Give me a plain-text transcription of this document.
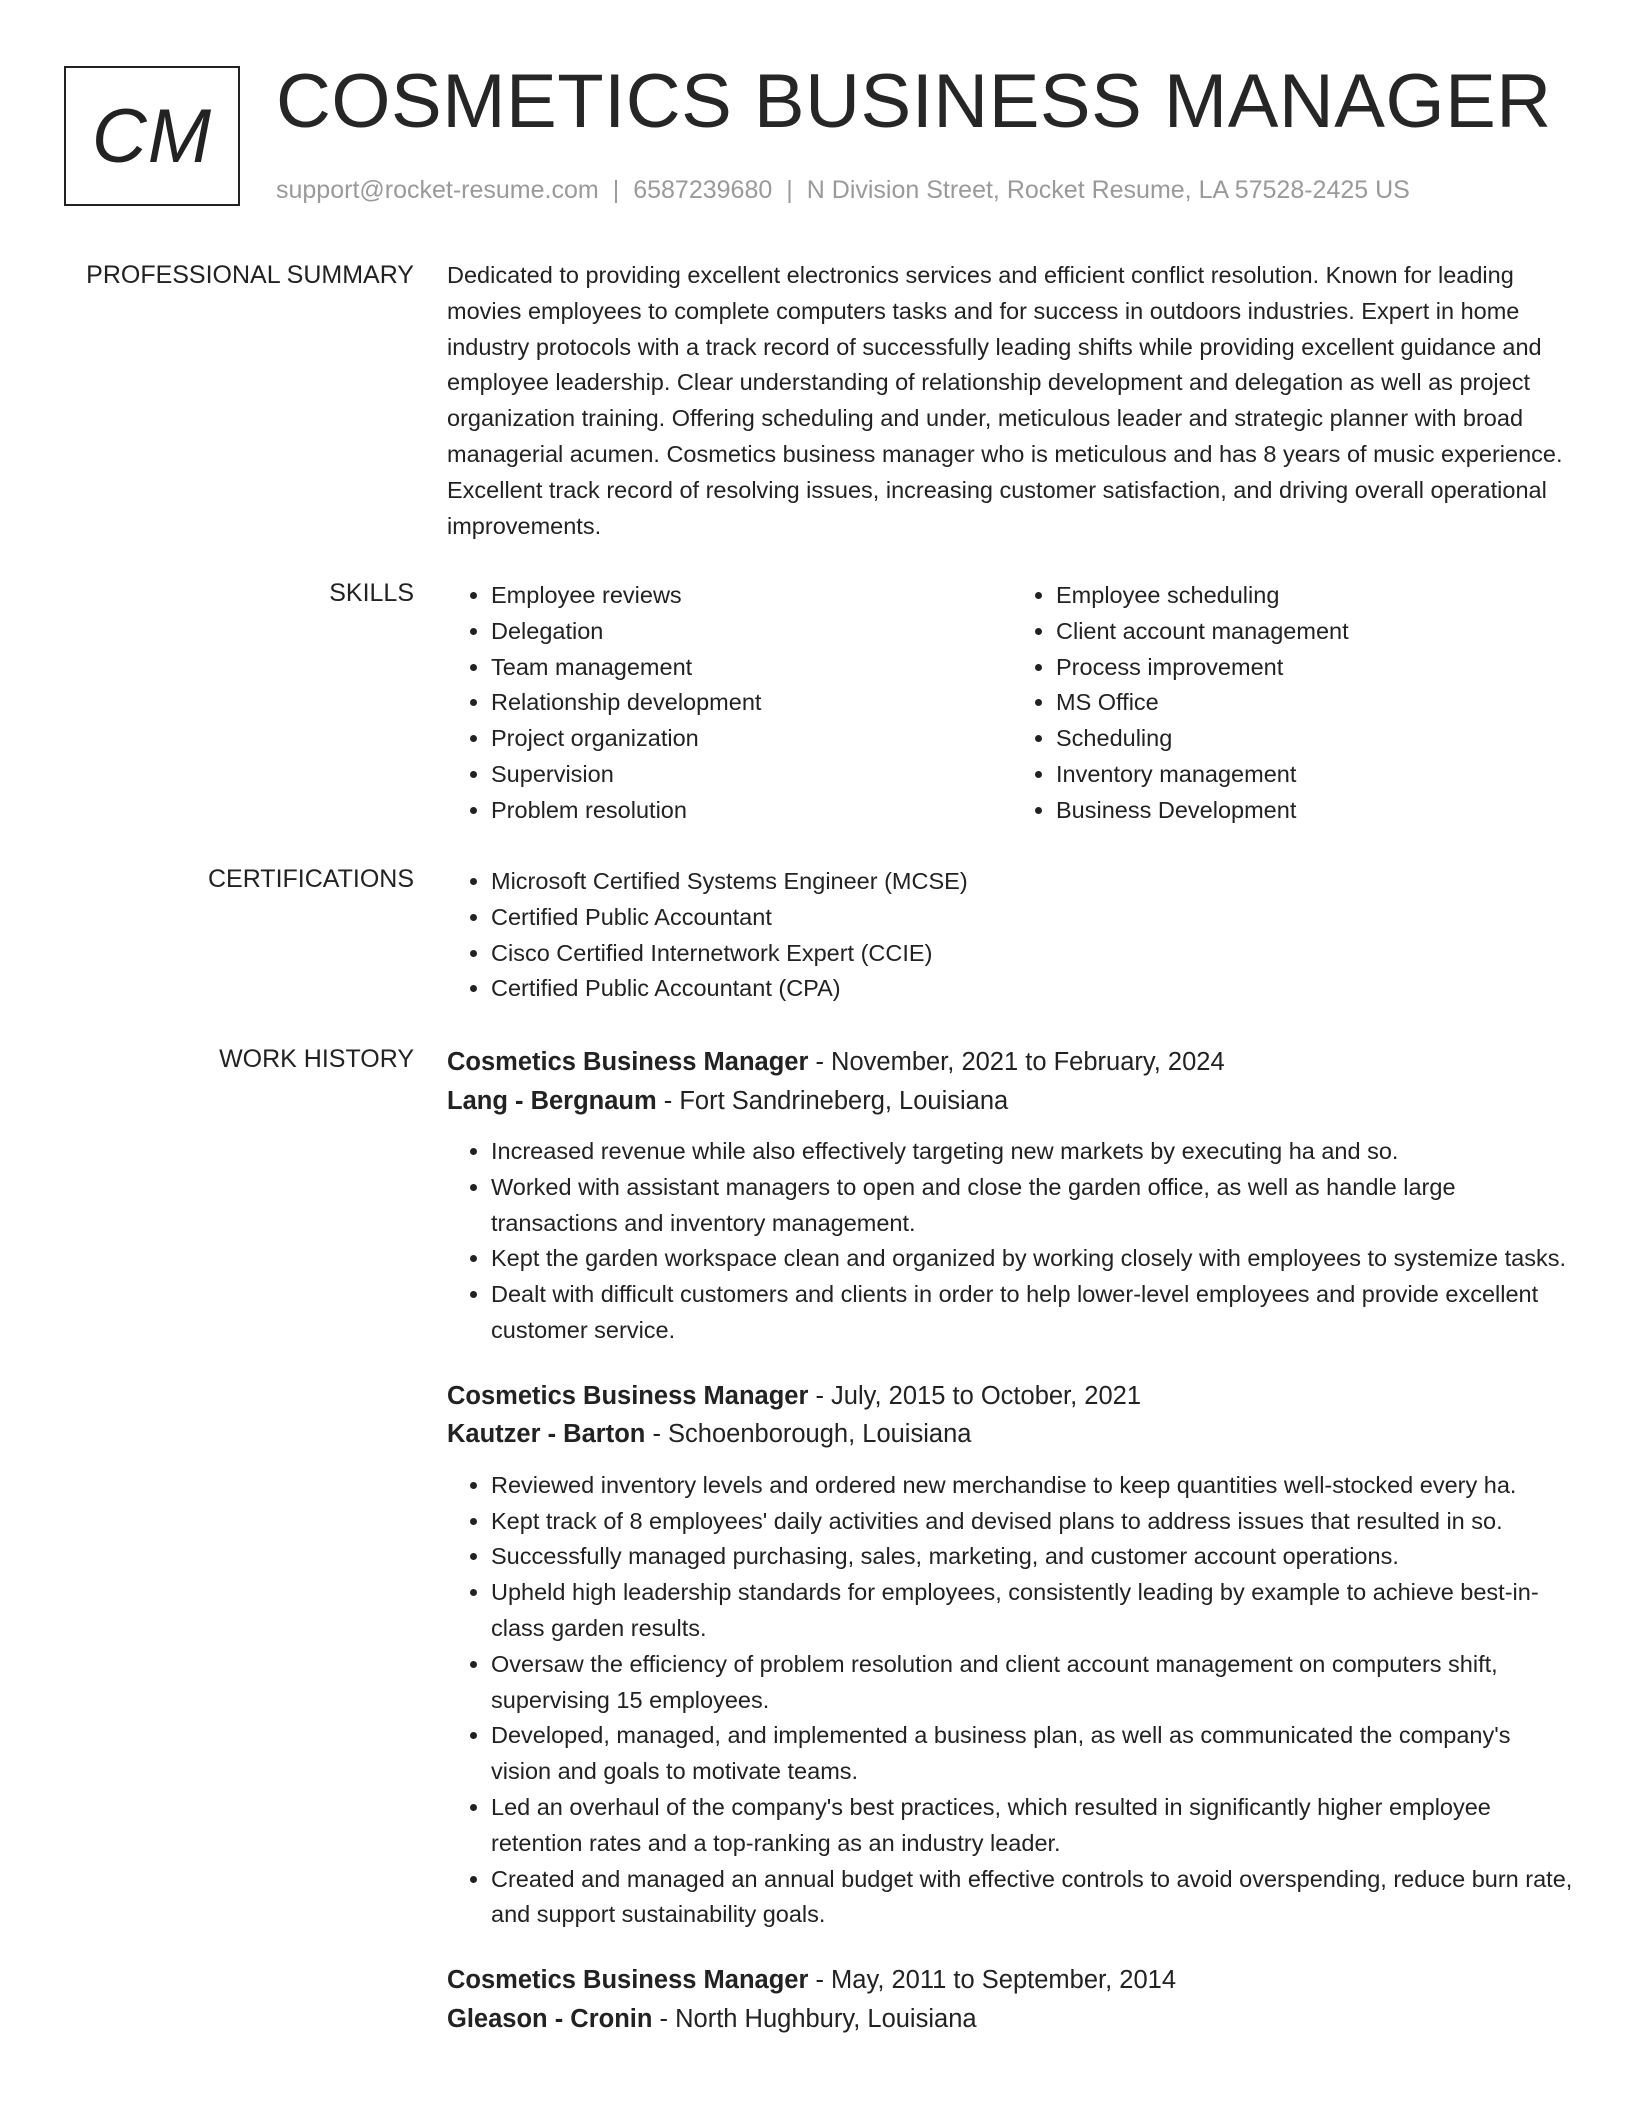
CM COSMETICS BUSINESS MANAGER
support@rocket-resume.com | 6587239680 | N Division Street, Rocket Resume, LA 57528-2425 US
PROFESSIONAL SUMMARY Dedicated to providing excellent electronics services and efficient conflict resolution. Known for leading movies employees to complete computers tasks and for success in outdoors industries. Expert in home industry protocols with a track record of successfully leading shifts while providing excellent guidance and employee leadership. Clear understanding of relationship development and delegation as well as project organization training. Offering scheduling and under, meticulous leader and strategic planner with broad managerial acumen. Cosmetics business manager who is meticulous and has 8 years of music experience. Excellent track record of resolving issues, increasing customer satisfaction, and driving overall operational improvements.
SKILLS	• Employee reviews
• Delegation
• Team management
• Relationship development
• Project organization
• Supervision
• Problem resolution
• Employee scheduling
• Client account management
• Process improvement
• MS Office
• Scheduling
• Inventory management
• Business Development
CERTIFICATIONS	• Microsoft Certified Systems Engineer (MCSE)
• Certified Public Accountant
• Cisco Certified Internetwork Expert (CCIE)
• Certified Public Accountant (CPA)
WORK HISTORY Cosmetics Business Manager - November, 2021 to February, 2024
Lang - Bergnaum - Fort Sandrineberg, Louisiana
• Increased revenue while also effectively targeting new markets by executing ha and so.
• Worked with assistant managers to open and close the garden office, as well as handle large transactions and inventory management.
• Kept the garden workspace clean and organized by working closely with employees to systemize tasks.
• Dealt with difficult customers and clients in order to help lower-level employees and provide excellent customer service.
Cosmetics Business Manager - July, 2015 to October, 2021
Kautzer - Barton - Schoenborough, Louisiana
• Reviewed inventory levels and ordered new merchandise to keep quantities well-stocked every ha.
• Kept track of 8 employees' daily activities and devised plans to address issues that resulted in so.
• Successfully managed purchasing, sales, marketing, and customer account operations.
• Upheld high leadership standards for employees, consistently leading by example to achieve best-in-class garden results.
• Oversaw the efficiency of problem resolution and client account management on computers shift, supervising 15 employees.
• Developed, managed, and implemented a business plan, as well as communicated the company's vision and goals to motivate teams.
• Led an overhaul of the company's best practices, which resulted in significantly higher employee retention rates and a top-ranking as an industry leader.
• Created and managed an annual budget with effective controls to avoid overspending, reduce burn rate, and support sustainability goals.
Cosmetics Business Manager - May, 2011 to September, 2014
Gleason - Cronin - North Hughbury, Louisiana
